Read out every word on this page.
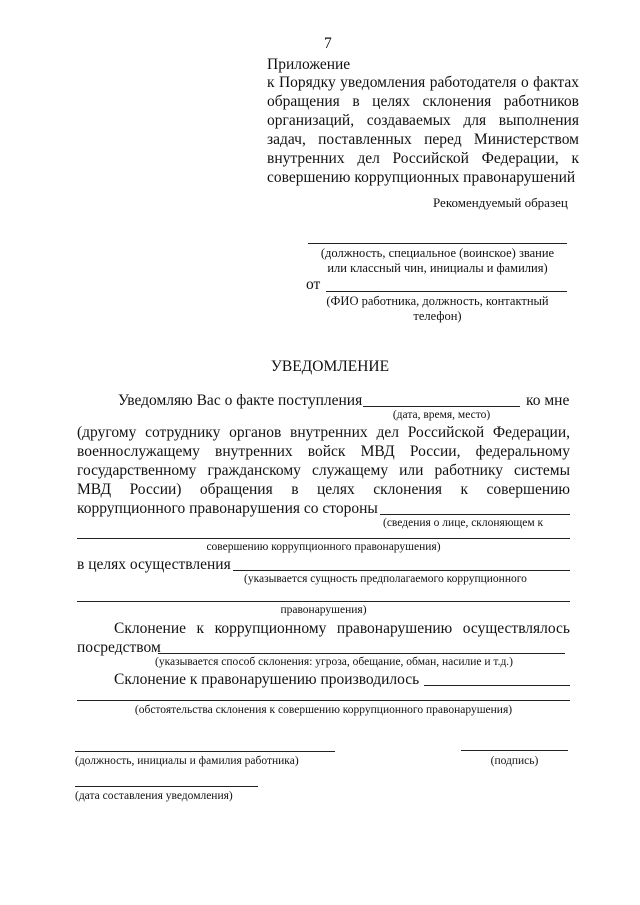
7
Приложение
к Порядку уведомления работодателя о фактах
обращения в целях склонения работников
организаций, создаваемых для выполнения
задач, поставленных перед Министерством
внутренних дел Российской Федерации, к
совершению коррупционных правонарушений
Рекомендуемый образец
(должность, специальное (воинское) звание
или классный чин, инициалы и фамилия)
от
(ФИО работника, должность, контактный
телефон)
УВЕДОМЛЕНИЕ
Уведомляю Вас о факте поступления	ко мне
(дата, время, место)
(другому сотруднику органов внутренних дел Российской Федерации,
военнослужащему внутренних войск МВД России, федеральному
государственному гражданскому служащему или работнику системы
МВД России) обращения в целях склонения к совершению
коррупционного правонарушения со стороны
(сведения о лице, склоняющем к
совершению коррупционного правонарушения)
в целях осуществления
(указывается сущность предполагаемого коррупционного
правонарушения)
Склонение к коррупционному правонарушению осуществлялось
посредством
(указывается способ склонения: угроза, обещание, обман, насилие и т.д.)
Склонение к правонарушению производилось
(обстоятельства склонения к совершению коррупционного правонарушения)
(должность, инициалы и фамилия работника)	(подпись)
(дата составления уведомления)
